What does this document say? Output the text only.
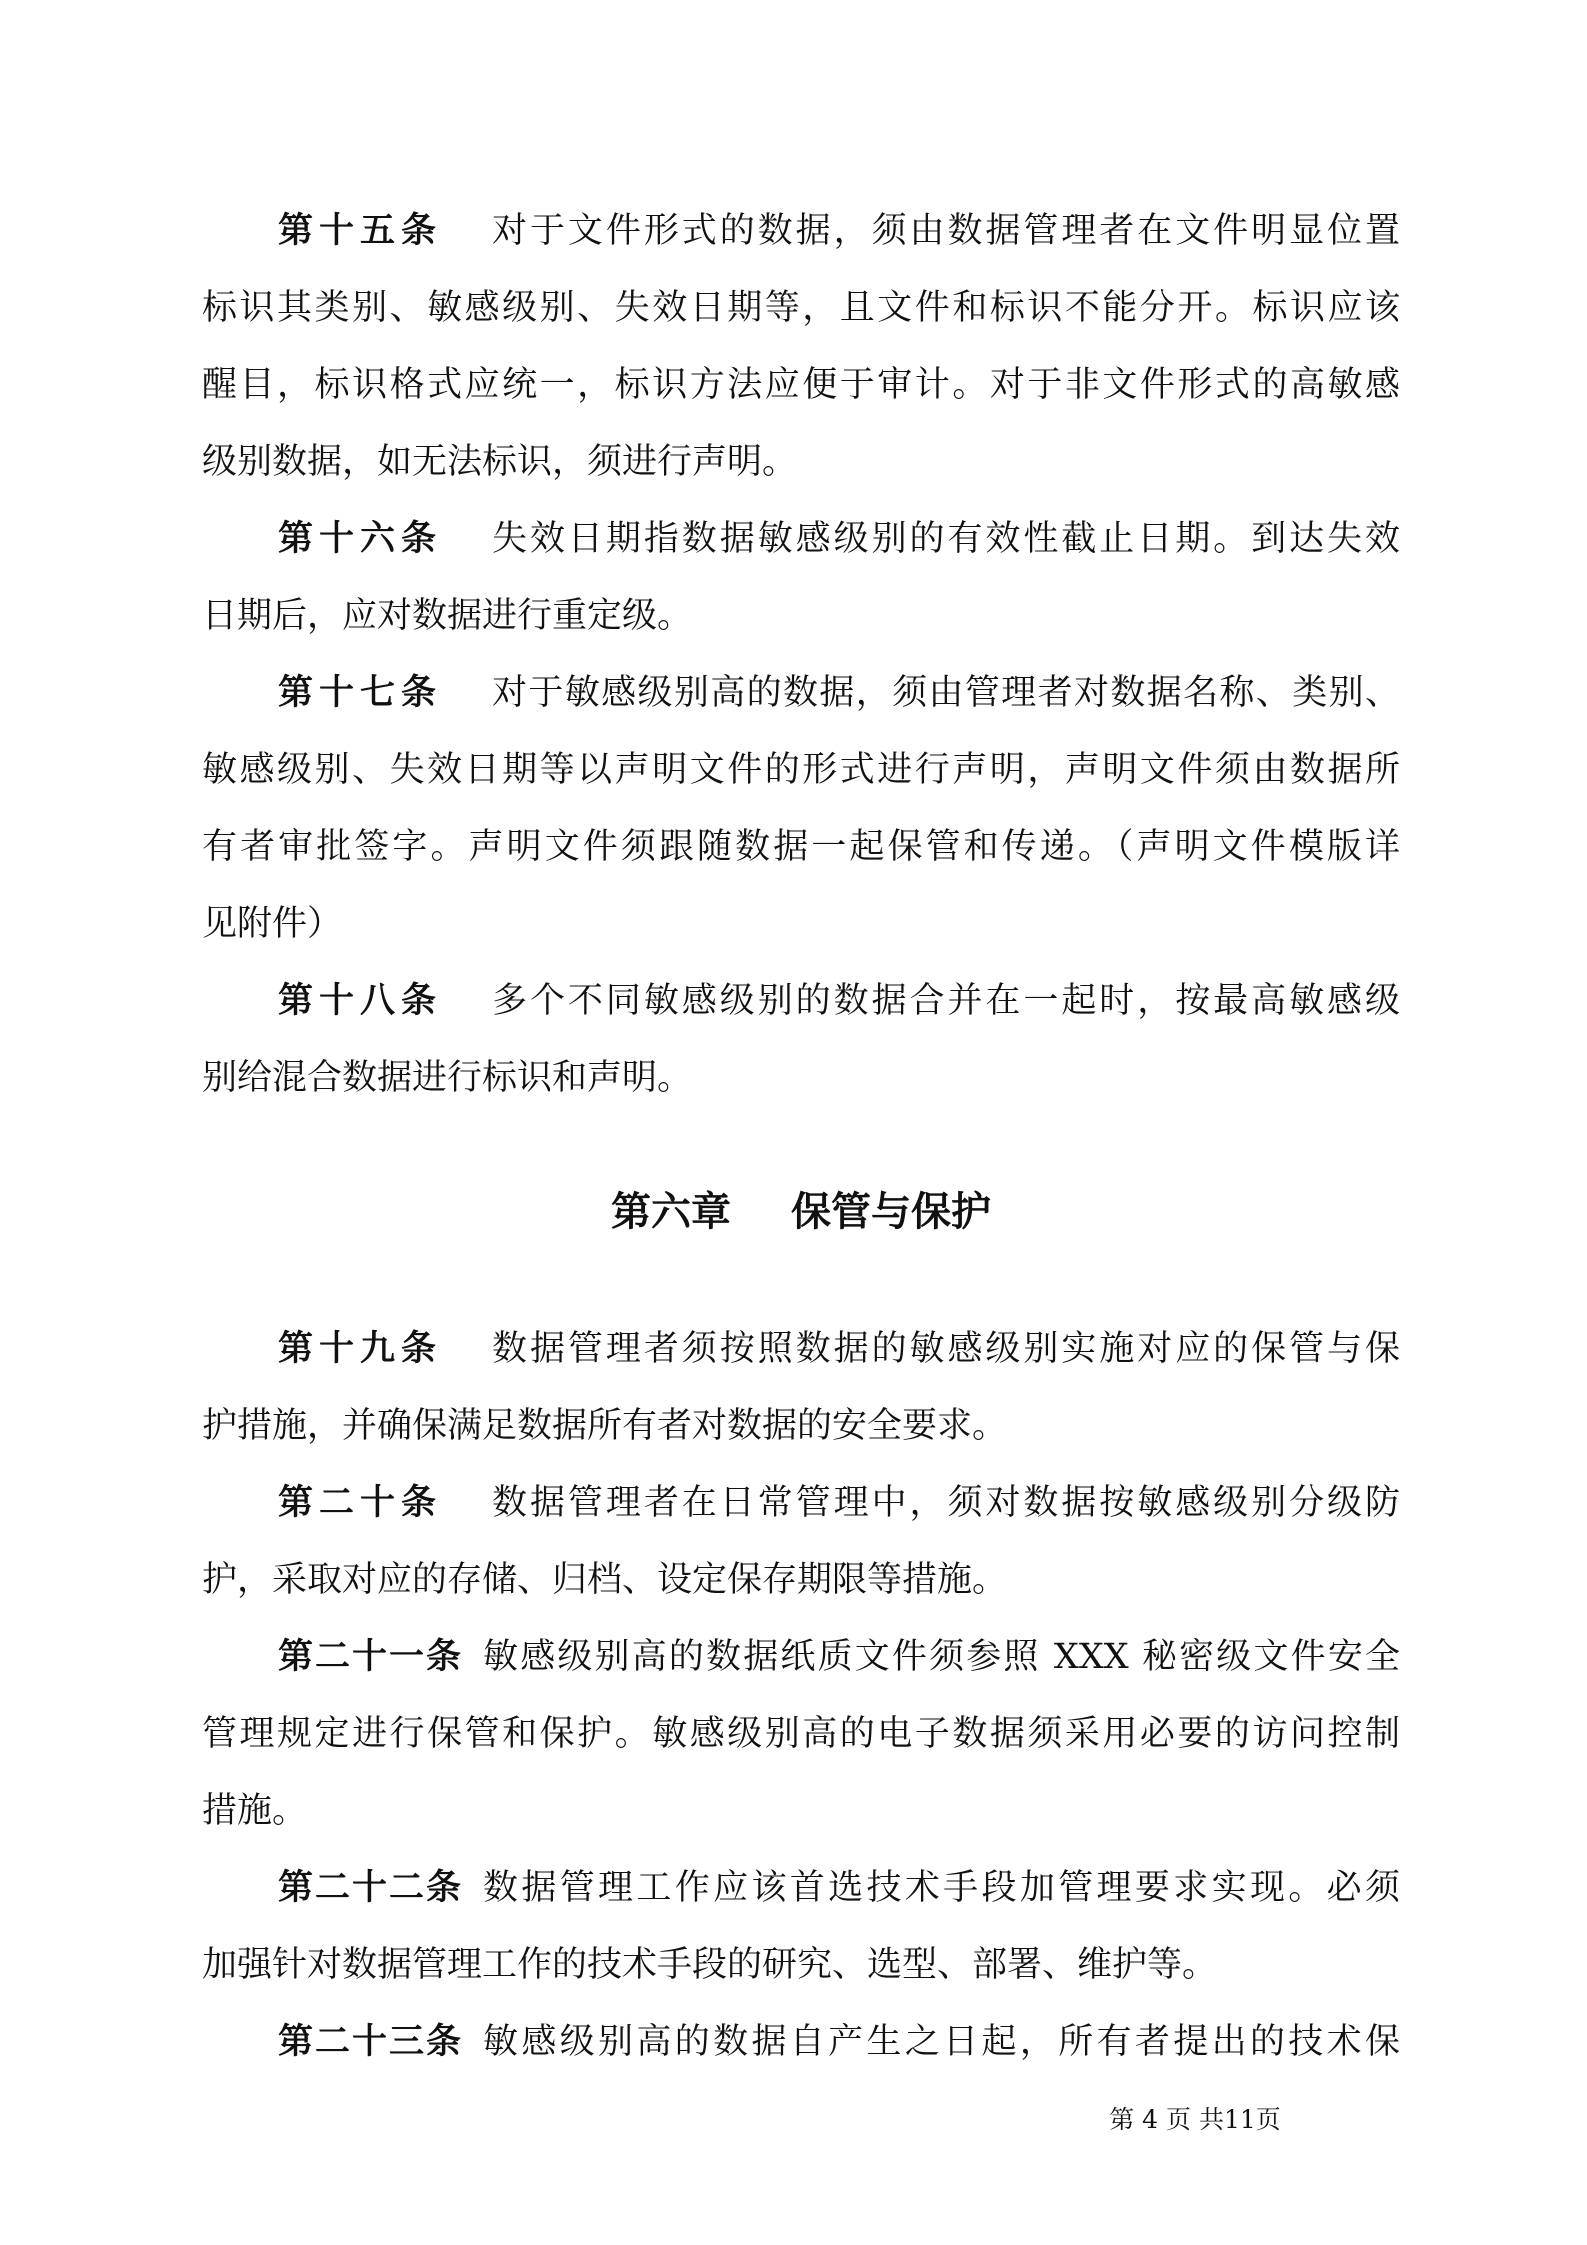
第十五条 对于文件形式的数据，须由数据管理者在文件明显位置
标识其类别、敏感级别、失效日期等，且文件和标识不能分开。标识应该
醒目，标识格式应统一，标识方法应便于审计。对于非文件形式的高敏感
级别数据，如无法标识，须进行声明。
第十六条 失效日期指数据敏感级别的有效性截止日期。到达失效
日期后，应对数据进行重定级。
第十七条 对于敏感级别高的数据，须由管理者对数据名称、类别、
敏感级别、失效日期等以声明文件的形式进行声明，声明文件须由数据所
有者审批签字。声明文件须跟随数据一起保管和传递。（声明文件模版详
见附件）
第十八条 多个不同敏感级别的数据合并在一起时，按最高敏感级
别给混合数据进行标识和声明。
第六章 保管与保护
第十九条 数据管理者须按照数据的敏感级别实施对应的保管与保
护措施，并确保满足数据所有者对数据的安全要求。
第二十条 数据管理者在日常管理中，须对数据按敏感级别分级防
护，采取对应的存储、归档、设定保存期限等措施。
第二十一条 敏感级别高的数据纸质文件须参照 XXX 秘密级文件安全
管理规定进行保管和保护。敏感级别高的电子数据须采用必要的访问控制
措施。
第二十二条 数据管理工作应该首选技术手段加管理要求实现。必须
加强针对数据管理工作的技术手段的研究、选型、部署、维护等。
第二十三条 敏感级别高的数据自产生之日起，所有者提出的技术保
第 4 页 共11页
